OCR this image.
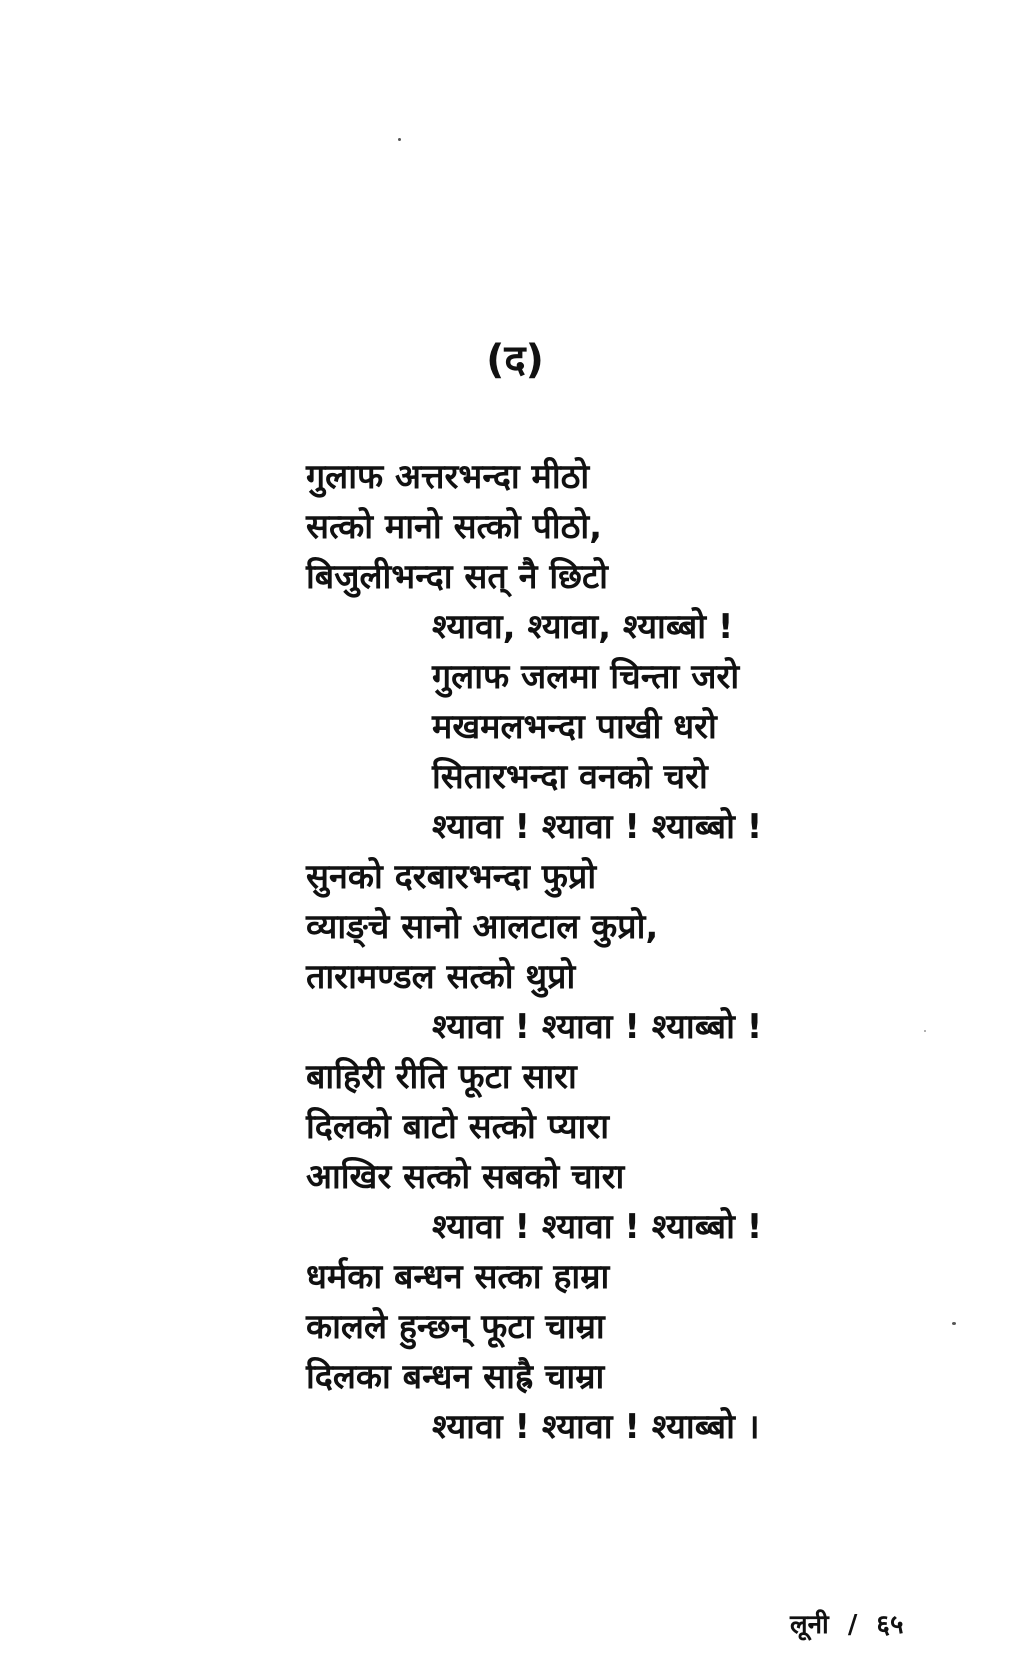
(द)
गुलाफ अत्तरभन्दा मीठो
सत्को मानो सत्को पीठो,
बिजुलीभन्दा सत् नै छिटो
श्यावा, श्यावा, श्याब्बो !
गुलाफ जलमा चिन्ता जरो
मखमलभन्दा पाखी धरो
सितारभन्दा वनको चरो
श्यावा ! श्यावा ! श्याब्बो !
सुनको दरबारभन्दा फुप्रो
व्याङ्चे सानो आलटाल कुप्रो,
तारामण्डल सत्को थुप्रो
श्यावा ! श्यावा ! श्याब्बो !
बाहिरी रीति फूटा सारा
दिलको बाटो सत्को प्यारा
आखिर सत्को सबको चारा
श्यावा ! श्यावा ! श्याब्बो !
धर्मका बन्धन सत्का हाम्रा
कालले हुन्छन् फूटा चाम्रा
दिलका बन्धन साह्रै चाम्रा
श्यावा ! श्यावा ! श्याब्बो ।
लूनी / ६५
